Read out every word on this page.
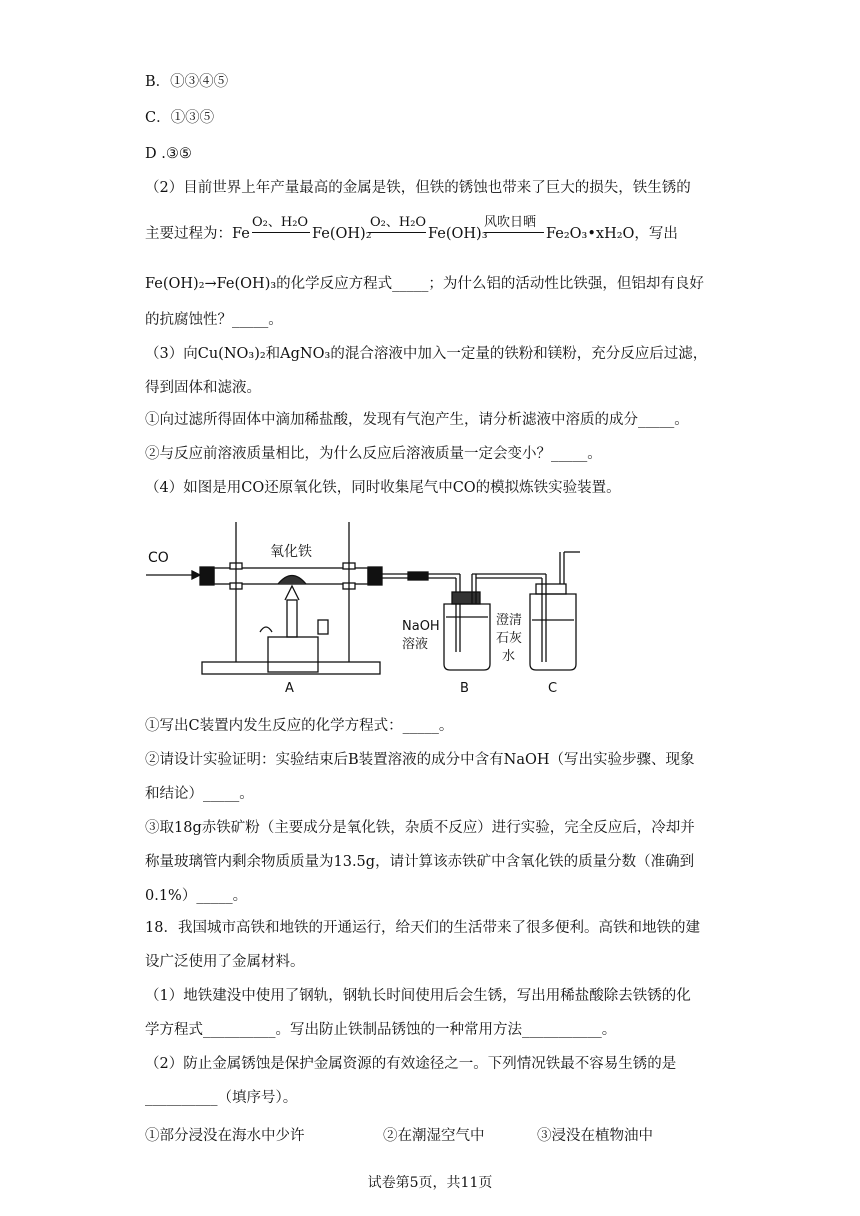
B．①③④⑤
C．①③⑤
D .③⑤
（2）目前世界上年产量最高的金属是铁，但铁的锈蚀也带来了巨大的损失，铁生锈的
主要过程为：Fe
O₂、H₂O
Fe(OH)₂
O₂、H₂O
Fe(OH)₃
风吹日晒
Fe₂O₃•xH₂O，写出
Fe(OH)₂→Fe(OH)₃的化学反应方程式_____；为什么铝的活动性比铁强，但铝却有良好
的抗腐蚀性？_____。
（3）向Cu(NO₃)₂和AgNO₃的混合溶液中加入一定量的铁粉和镁粉，充分反应后过滤，
得到固体和滤液。
①向过滤所得固体中滴加稀盐酸，发现有气泡产生，请分析滤液中溶质的成分_____。
②与反应前溶液质量相比，为什么反应后溶液质量一定会变小？_____。
（4）如图是用CO还原氧化铁，同时收集尾气中CO的模拟炼铁实验装置。
CO	氧化铁
NaOH
溶液
澄清
石灰
水
A	B	C
①写出C装置内发生反应的化学方程式：_____。
②请设计实验证明：实验结束后B装置溶液的成分中含有NaOH（写出实验步骤、现象
和结论）_____。
③取18g赤铁矿粉（主要成分是氧化铁，杂质不反应）进行实验，完全反应后，冷却并
称量玻璃管内剩余物质质量为13.5g，请计算该赤铁矿中含氧化铁的质量分数（准确到
0.1%）_____。
18．我国城市高铁和地铁的开通运行，给天们的生活带来了很多便利。高铁和地铁的建
设广泛使用了金属材料。
（1）地铁建没中使用了钢轨，钢轨长时间使用后会生锈，写出用稀盐酸除去铁锈的化
学方程式__________。写出防止铁制品锈蚀的一种常用方法___________。
（2）防止金属锈蚀是保护金属资源的有效途径之一。下列情况铁最不容易生锈的是
__________（填序号）。
①部分浸没在海水中少许	②在潮湿空气中	③浸没在植物油中
试卷第5页，共11页
